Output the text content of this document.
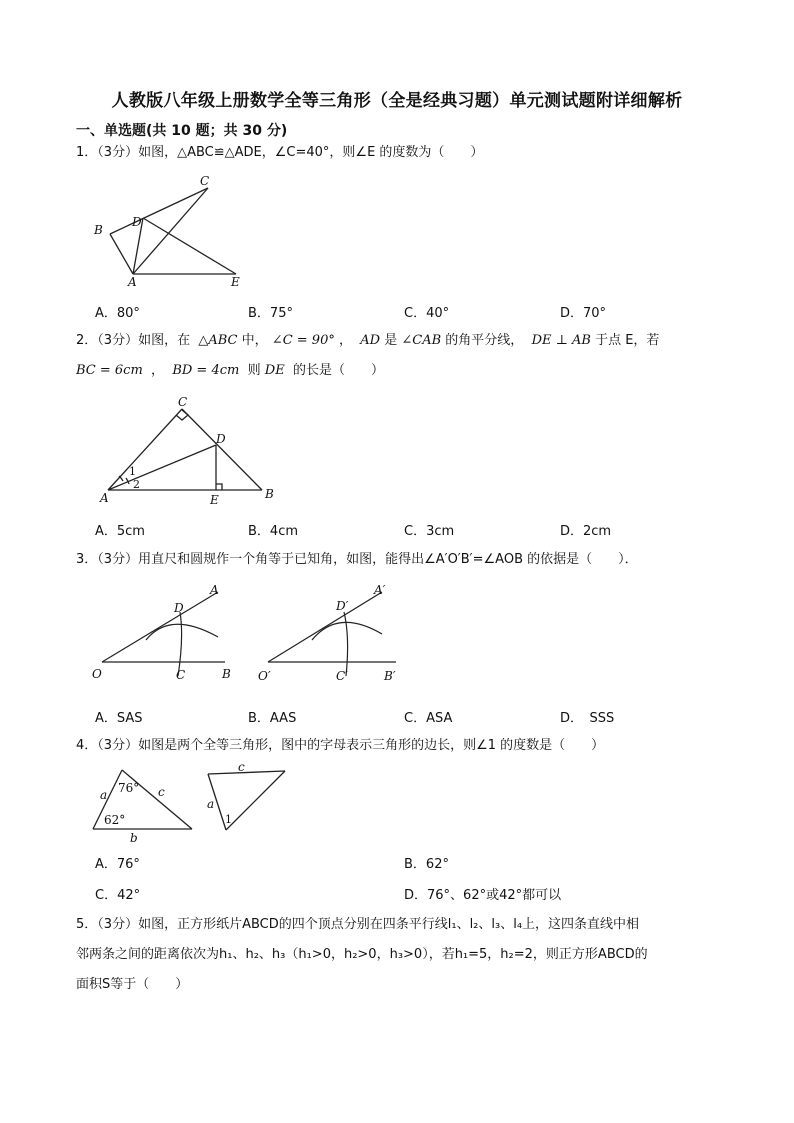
人教版八年级上册数学全等三角形（全是经典习题）单元测试题附详细解析
一、单选题(共 10 题；共 30 分)
1．（3分）如图，△ABC≌△ADE，∠C=40°，则∠E 的度数为（　　）
C
B
D
A	E
A．80°	B．75°	C．40°	D．70°
2．（3分）如图，在 △ABC 中， ∠C = 90° ， AD 是 ∠CAB 的角平分线， DE ⊥ AB 于点 E，若
BC = 6cm ， BD = 4cm 则 DE 的长是（　　）
C
D
1
2
A	E	B
A．5cm	B．4cm	C．3cm	D．2cm
3．（3分）用直尺和圆规作一个角等于已知角，如图，能得出∠A′O′B′=∠AOB 的依据是（　　）．
O
D
A
C	B O′
D′
A′
C′	B′
A．SAS	B．AAS	C．ASA	D．　SSS
4．（3分）如图是两个全等三角形，图中的字母表示三角形的边长，则∠1 的度数是（　　）
76°
a	c
62°
b
c
a
1
A．76°	B．62°
C．42°	D．76°、62°或42°都可以
5．（3分）如图，正方形纸片ABCD的四个顶点分别在四条平行线l₁、l₂、l₃、l₄上，这四条直线中相
邻两条之间的距离依次为h₁、h₂、h₃（h₁>0，h₂>0，h₃>0），若h₁=5，h₂=2，则正方形ABCD的
面积S等于（　　）
